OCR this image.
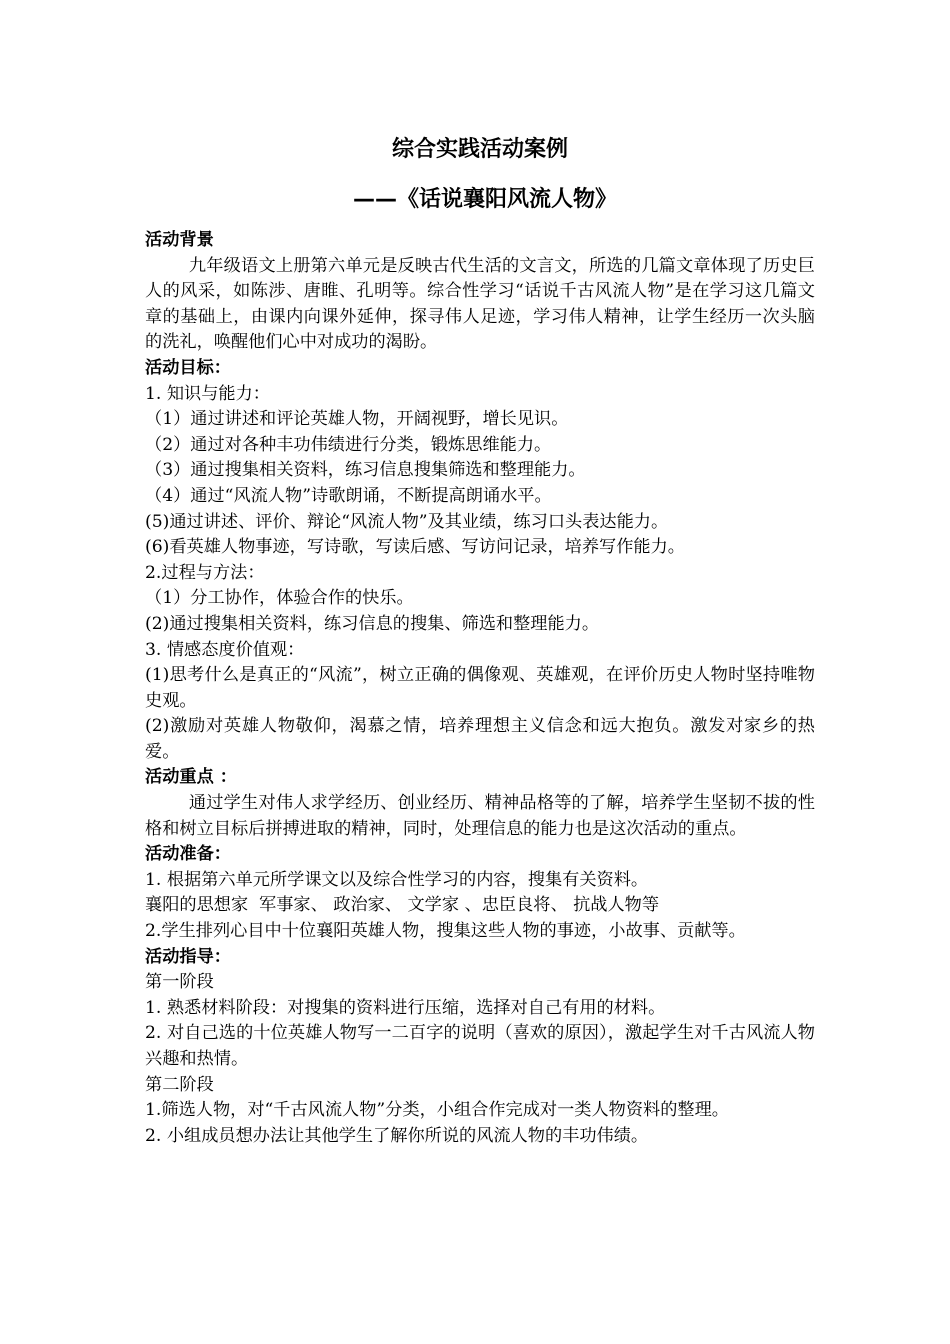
综合实践活动案例
——《话说襄阳风流人物》
活动背景
九年级语文上册第六单元是反映古代生活的文言文，所选的几篇文章体现了历史巨人的风采，如陈涉、唐睢、孔明等。综合性学习“话说千古风流人物”是在学习这几篇文章的基础上，由课内向课外延伸，探寻伟人足迹，学习伟人精神，让学生经历一次头脑的洗礼，唤醒他们心中对成功的渴盼。
活动目标：
1. 知识与能力：
（1）通过讲述和评论英雄人物，开阔视野，增长见识。
（2）通过对各种丰功伟绩进行分类，锻炼思维能力。
（3）通过搜集相关资料，练习信息搜集筛选和整理能力。
（4）通过“风流人物”诗歌朗诵，不断提高朗诵水平。
(5)通过讲述、评价、辩论“风流人物”及其业绩，练习口头表达能力。
(6)看英雄人物事迹，写诗歌，写读后感、写访问记录，培养写作能力。
2.过程与方法：
（1）分工协作，体验合作的快乐。
(2)通过搜集相关资料，练习信息的搜集、筛选和整理能力。
3. 情感态度价值观：
(1)思考什么是真正的“风流”，树立正确的偶像观、英雄观，在评价历史人物时坚持唯物史观。
(2)激励对英雄人物敬仰，渴慕之情，培养理想主义信念和远大抱负。激发对家乡的热爱。
活动重点 ：
通过学生对伟人求学经历、创业经历、精神品格等的了解，培养学生坚韧不拔的性格和树立目标后拼搏进取的精神，同时，处理信息的能力也是这次活动的重点。
活动准备：
1. 根据第六单元所学课文以及综合性学习的内容，搜集有关资料。
襄阳的思想家  军事家、 政治家、 文学家 、忠臣良将、 抗战人物等
2.学生排列心目中十位襄阳英雄人物，搜集这些人物的事迹，小故事、贡献等。
活动指导：
第一阶段
1. 熟悉材料阶段：对搜集的资料进行压缩，选择对自己有用的材料。
2. 对自己选的十位英雄人物写一二百字的说明（喜欢的原因），激起学生对千古风流人物兴趣和热情。
第二阶段
1.筛选人物，对“千古风流人物”分类，小组合作完成对一类人物资料的整理。
2. 小组成员想办法让其他学生了解你所说的风流人物的丰功伟绩。
